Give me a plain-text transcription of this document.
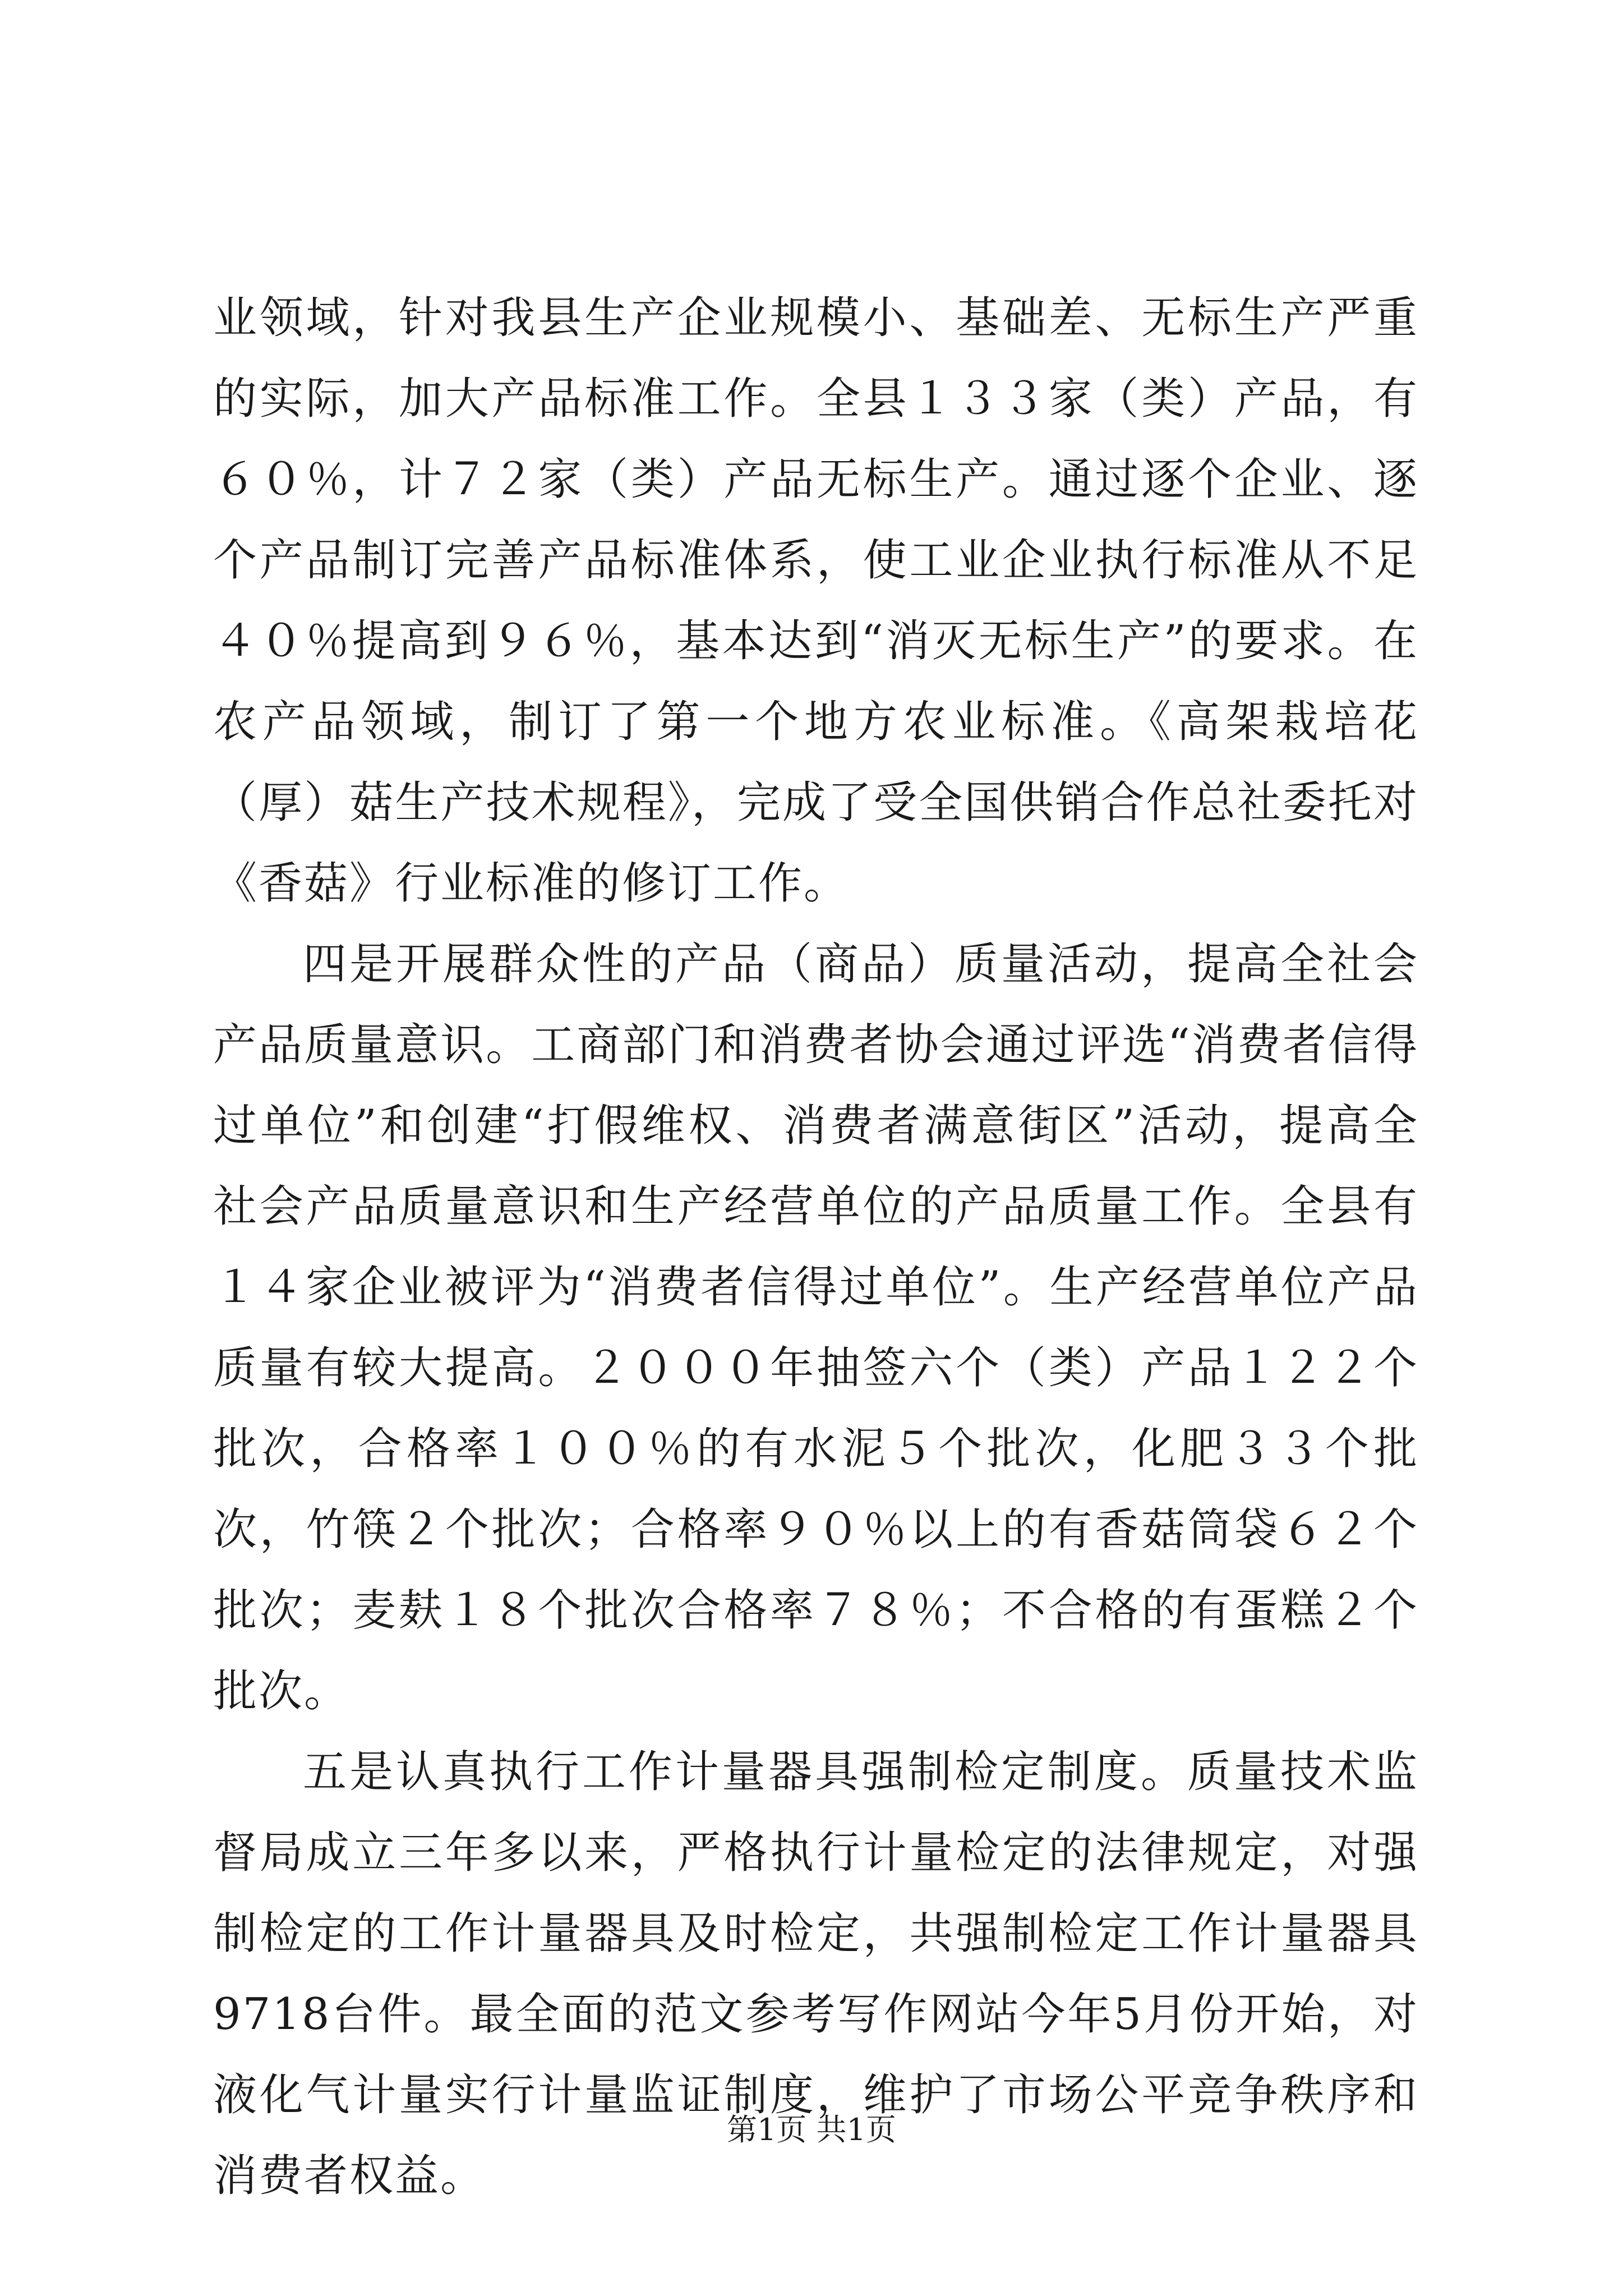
业领域，针对我县生产企业规模小、基础差、无标生产严重的实际，加大产品标准工作。全县１３３家（类）产品，有６０％，计７２家（类）产品无标生产。通过逐个企业、逐个产品制订完善产品标准体系，使工业企业执行标准从不足４０％提高到９６％，基本达到“消灭无标生产”的要求。在农产品领域，制订了第一个地方农业标准。《高架栽培花（厚）菇生产技术规程》，完成了受全国供销合作总社委托对《香菇》行业标准的修订工作。

四是开展群众性的产品（商品）质量活动，提高全社会产品质量意识。工商部门和消费者协会通过评选“消费者信得过单位”和创建“打假维权、消费者满意街区”活动，提高全社会产品质量意识和生产经营单位的产品质量工作。全县有１４家企业被评为“消费者信得过单位”。生产经营单位产品质量有较大提高。２０００年抽签六个（类）产品１２２个批次，合格率１００％的有水泥５个批次，化肥３３个批次，竹筷２个批次；合格率９０％以上的有香菇筒袋６２个批次；麦麸１８个批次合格率７８％；不合格的有蛋糕２个批次。

五是认真执行工作计量器具强制检定制度。质量技术监督局成立三年多以来，严格执行计量检定的法律规定，对强制检定的工作计量器具及时检定，共强制检定工作计量器具9718台件。最全面的范文参考写作网站今年5月份开始，对液化气计量实行计量监证制度，维护了市场公平竞争秩序和消费者权益。

第1页 共1页
